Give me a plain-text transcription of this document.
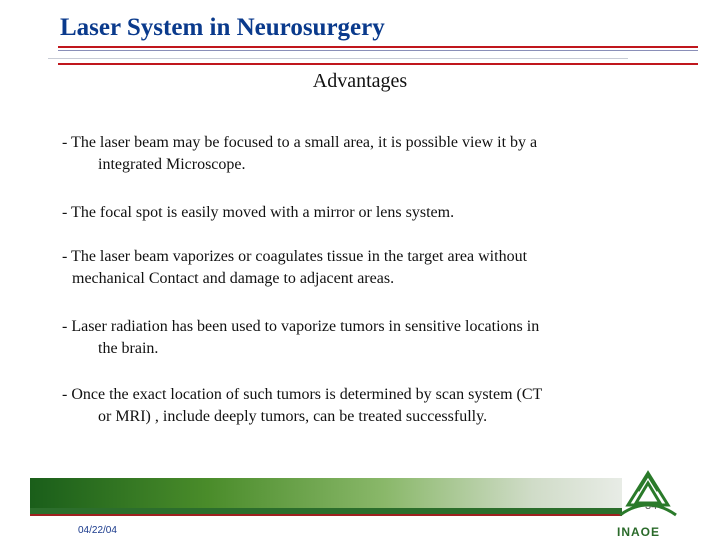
Laser System in Neurosurgery
Advantages
- The laser beam may be focused to a small area, it is possible view it by a
integrated Microscope.
- The focal spot is easily moved with a mirror or lens system.
- The laser beam vaporizes or coagulates tissue in the target area without
mechanical Contact and damage to adjacent areas.
- Laser radiation has been used to vaporize tumors in sensitive locations in
the brain.
- Once the exact location of such tumors is determined by scan system (CT
or MRI) , include deeply tumors, can be treated successfully.
34
04/22/04	INAOE
